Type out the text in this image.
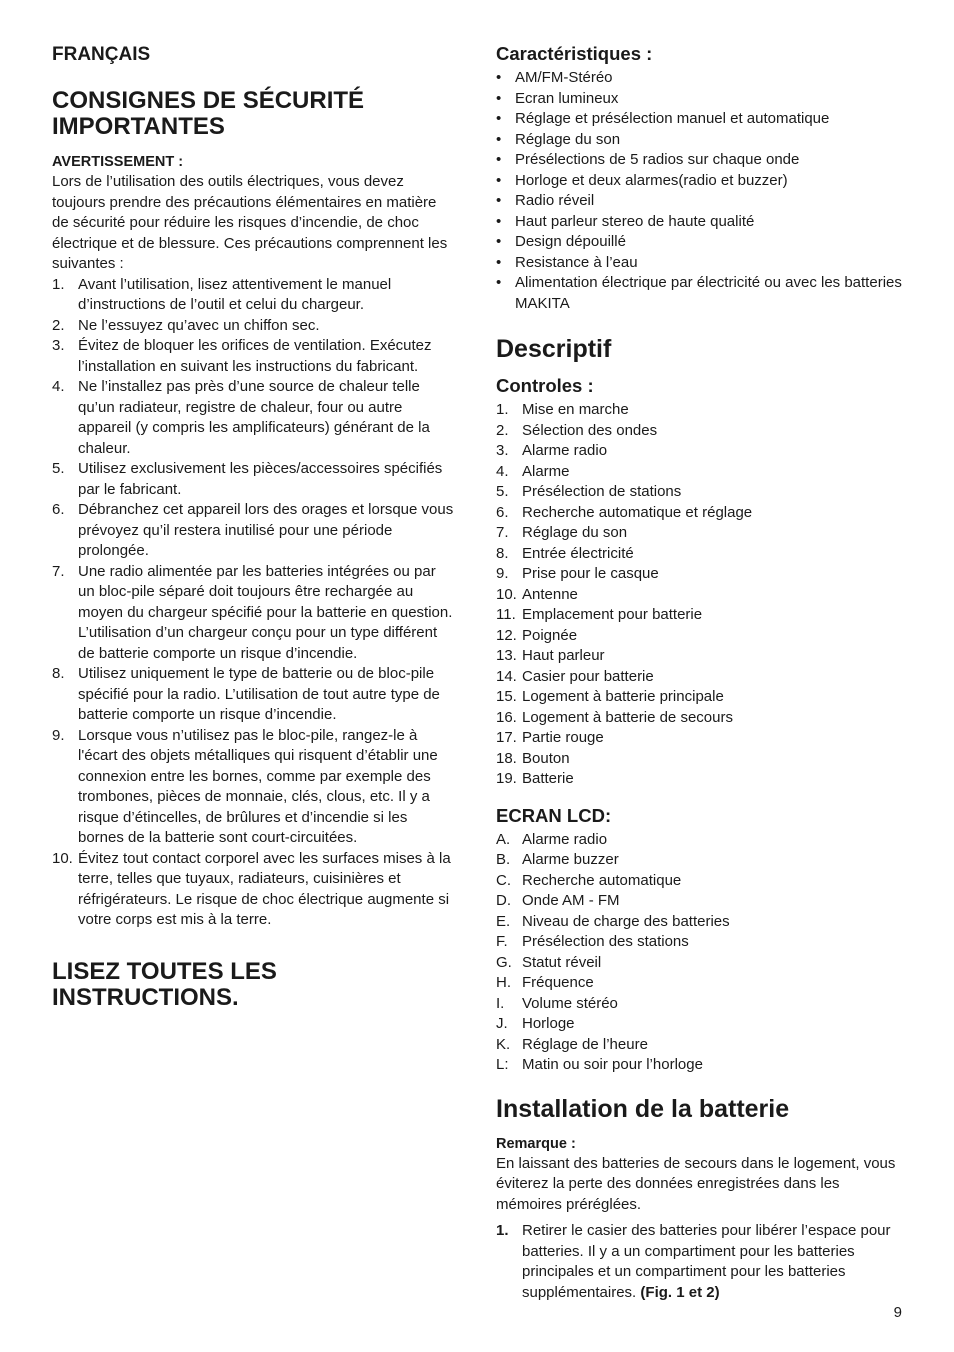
FRANÇAIS
CONSIGNES DE SÉCURITÉ IMPORTANTES
AVERTISSEMENT :

Lors de l’utilisation des outils électriques, vous devez toujours prendre des précautions élémentaires en matière de sécurité pour réduire les risques d’incendie, de choc électrique et de blessure. Ces précautions comprennent les suivantes :

1. Avant l’utilisation, lisez attentivement le manuel d’instructions de l’outil et celui du chargeur.
2. Ne l’essuyez qu’avec un chiffon sec.
3. Évitez de bloquer les orifices de ventilation. Exécutez l’installation en suivant les instructions du fabricant.
4. Ne l’installez pas près d’une source de chaleur telle qu’un radiateur, registre de chaleur, four ou autre appareil (y compris les amplificateurs) générant de la chaleur.
5. Utilisez exclusivement les pièces/accessoires spécifiés par le fabricant.
6. Débranchez cet appareil lors des orages et lorsque vous prévoyez qu’il restera inutilisé pour une période prolongée.
7. Une radio alimentée par les batteries intégrées ou par un bloc-pile séparé doit toujours être rechargée au moyen du chargeur spécifié pour la batterie en question. L’utilisation d’un chargeur conçu pour un type différent de batterie comporte un risque d’incendie.
8. Utilisez uniquement le type de batterie ou de bloc-pile spécifié pour la radio. L’utilisation de tout autre type de batterie comporte un risque d’incendie.
9. Lorsque vous n’utilisez pas le bloc-pile, rangez-le à l'écart des objets métalliques qui risquent d’établir une connexion entre les bornes, comme par exemple des trombones, pièces de monnaie, clés, clous, etc. Il y a risque d’étincelles, de brûlures et d’incendie si les bornes de la batterie sont court-circuitées.
10. Évitez tout contact corporel avec les surfaces mises à la terre, telles que tuyaux, radiateurs, cuisinières et réfrigérateurs. Le risque de choc électrique augmente si votre corps est mis à la terre.
LISEZ TOUTES LES INSTRUCTIONS.
Caractéristiques :
• AM/FM-Stéréo
• Ecran lumineux
• Réglage et présélection manuel et automatique
• Réglage du son
• Présélections de 5 radios sur chaque onde
• Horloge et deux alarmes(radio et buzzer)
• Radio réveil
• Haut parleur stereo de haute qualité
• Design dépouillé
• Resistance à l’eau
• Alimentation électrique par électricité ou avec les batteries MAKITA
Descriptif
Controles :
1. Mise en marche
2. Sélection des ondes
3. Alarme radio
4. Alarme
5. Présélection de stations
6. Recherche automatique et réglage
7. Réglage du son
8. Entrée électricité
9. Prise pour le casque
10. Antenne
11. Emplacement pour batterie
12. Poignée
13. Haut parleur
14. Casier pour batterie
15. Logement à batterie principale
16. Logement à batterie de secours
17. Partie rouge
18. Bouton
19. Batterie
ECRAN LCD:
A. Alarme radio
B. Alarme buzzer
C. Recherche automatique
D. Onde AM - FM
E. Niveau de charge des batteries
F. Présélection des stations
G. Statut réveil
H. Fréquence
I. Volume stéréo
J. Horloge
K. Réglage de l’heure
L: Matin ou soir pour l’horloge
Installation de la batterie
Remarque :

En laissant des batteries de secours dans le logement, vous éviterez la perte des données enregistrées dans les mémoires préréglées.

1. Retirer le casier des batteries pour libérer l’espace pour batteries. Il y a un compartiment pour les batteries principales et un compartiment pour les batteries supplémentaires. (Fig. 1 et 2)
9
